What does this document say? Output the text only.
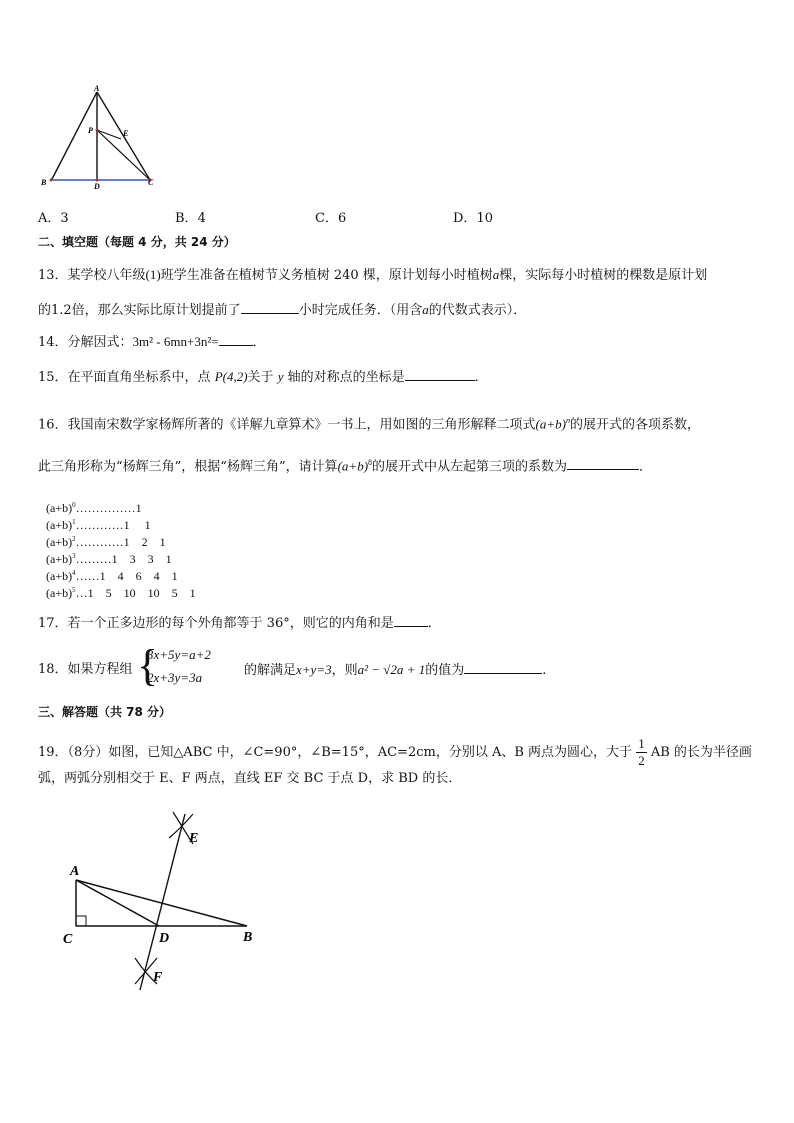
A
P	E
B	D	C
A．3	B．4	C．6	D．10
二、填空题（每题 4 分，共 24 分）
13．某学校八年级(1)班学生准备在植树节义务植树 240 棵，原计划每小时植树a棵，实际每小时植树的棵数是原计划
的1.2倍，那么实际比原计划提前了	小时完成任务．（用含a的代数式表示）．
14．分解因式：3m² - 6mn+3n²=	．
15．在平面直角坐标系中，点 P(4,2)关于 y 轴的对称点的坐标是	．
16．我国南宋数学家杨辉所著的《详解九章算术》一书上，用如图的三角形解释二项式$(a+b)^n$的展开式的各项系数，
此三角形称为“杨辉三角”，根据“杨辉三角”，请计算$(a+b)^8$的展开式中从左起第三项的系数为	．
$(a+b)^0\dots\dots\dots\dots\dots 1$
$(a+b)^1\dots\dots\dots\dots 1$　 1
$(a+b)^2\dots\dots\dots\dots 1$　2　1
$(a+b)^3\dots\dots\dots 1$　3　3　1
$(a+b)^4\dots\dots 1$　4　6　4　1
$(a+b)^5\dots 1$　5　10　10　5　1
17．若一个正多边形的每个外角都等于 36°，则它的内角和是	．
18．如果方程组 {
3x+5y=a+2
2x+3y=3a	的解满足x+y=3，则a² − √2a + 1的值为	.
三、解答题（共 78 分）
19．（8分）如图，已知△ABC 中，∠C=90°，∠B=15°，AC=2cm，分别以 A、B 两点为圆心，大于 $\frac{1}{2}$ AB 的长为半径画
弧，两弧分别相交于 E、F 两点，直线 EF 交 BC 于点 D，求 BD 的长．
E
A
C	D	B
F
